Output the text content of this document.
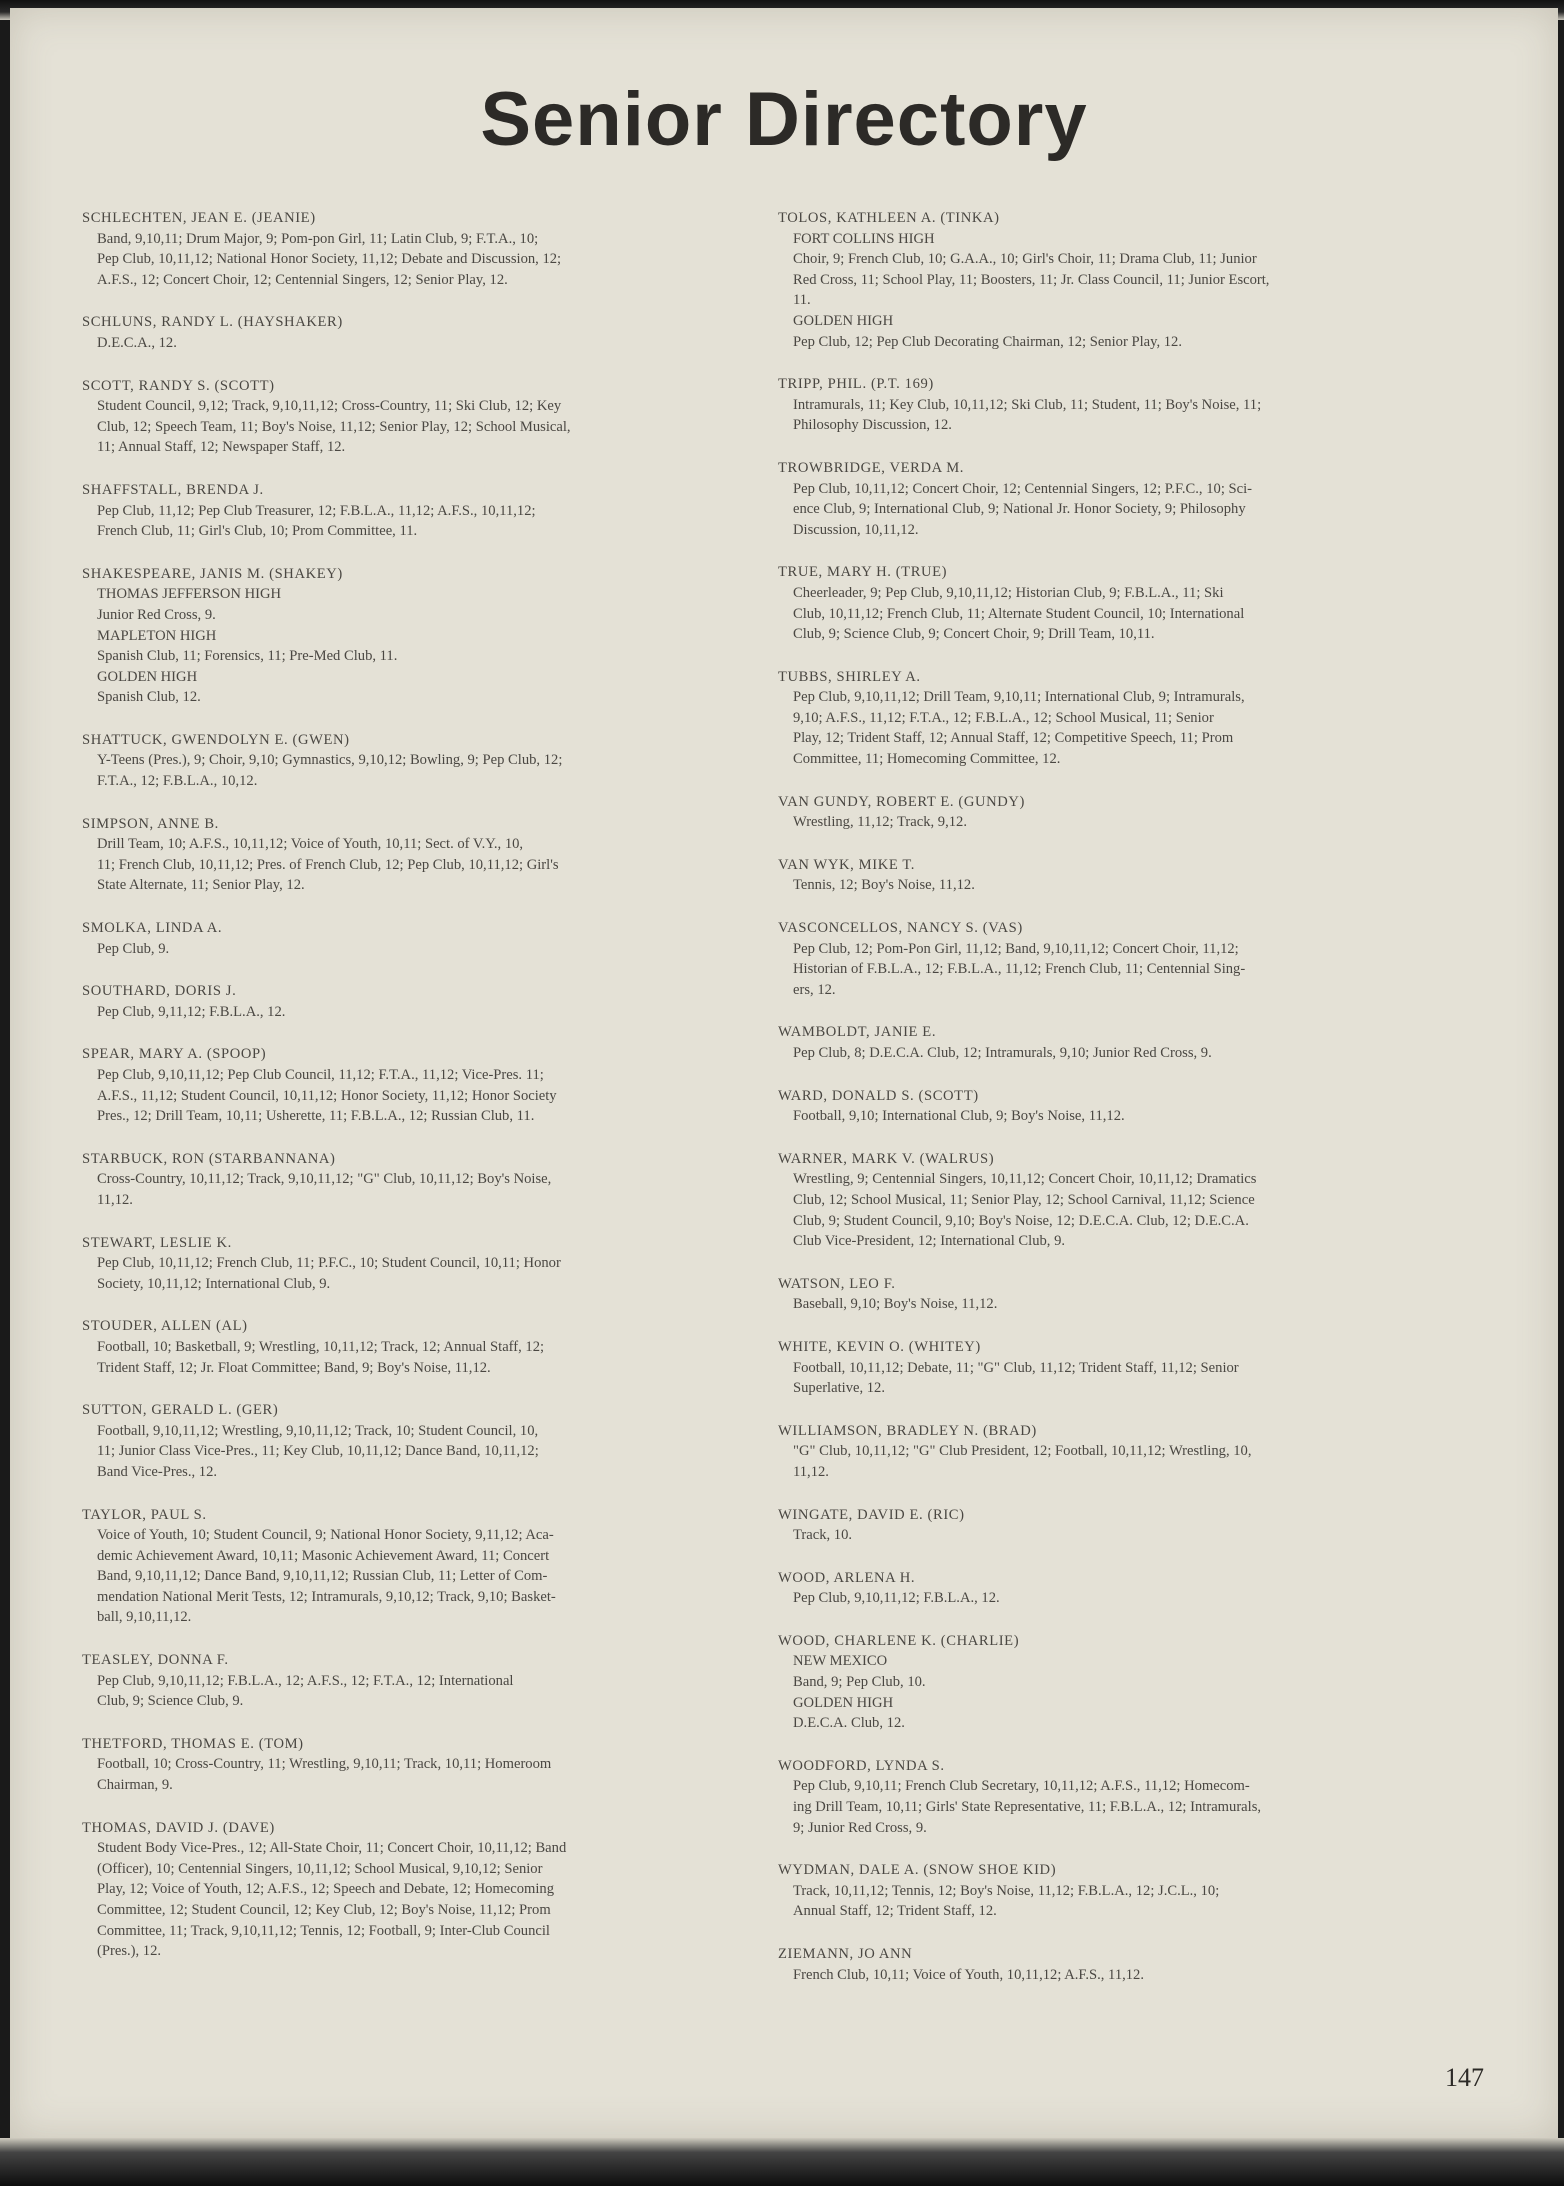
Senior Directory
SCHLECHTEN, JEAN E. (JEANIE)
Band, 9,10,11; Drum Major, 9; Pom-pon Girl, 11; Latin Club, 9; F.T.A., 10;
Pep Club, 10,11,12; National Honor Society, 11,12; Debate and Discussion, 12;
A.F.S., 12; Concert Choir, 12; Centennial Singers, 12; Senior Play, 12.
SCHLUNS, RANDY L. (HAYSHAKER)
D.E.C.A., 12.
SCOTT, RANDY S. (SCOTT)
Student Council, 9,12; Track, 9,10,11,12; Cross-Country, 11; Ski Club, 12; Key
Club, 12; Speech Team, 11; Boy's Noise, 11,12; Senior Play, 12; School Musical,
11; Annual Staff, 12; Newspaper Staff, 12.
SHAFFSTALL, BRENDA J.
Pep Club, 11,12; Pep Club Treasurer, 12; F.B.L.A., 11,12; A.F.S., 10,11,12;
French Club, 11; Girl's Club, 10; Prom Committee, 11.
SHAKESPEARE, JANIS M. (SHAKEY)
THOMAS JEFFERSON HIGH
Junior Red Cross, 9.
MAPLETON HIGH
Spanish Club, 11; Forensics, 11; Pre-Med Club, 11.
GOLDEN HIGH
Spanish Club, 12.
SHATTUCK, GWENDOLYN E. (GWEN)
Y-Teens (Pres.), 9; Choir, 9,10; Gymnastics, 9,10,12; Bowling, 9; Pep Club, 12;
F.T.A., 12; F.B.L.A., 10,12.
SIMPSON, ANNE B.
Drill Team, 10; A.F.S., 10,11,12; Voice of Youth, 10,11; Sect. of V.Y., 10,
11; French Club, 10,11,12; Pres. of French Club, 12; Pep Club, 10,11,12; Girl's
State Alternate, 11; Senior Play, 12.
SMOLKA, LINDA A.
Pep Club, 9.
SOUTHARD, DORIS J.
Pep Club, 9,11,12; F.B.L.A., 12.
SPEAR, MARY A. (SPOOP)
Pep Club, 9,10,11,12; Pep Club Council, 11,12; F.T.A., 11,12; Vice-Pres. 11;
A.F.S., 11,12; Student Council, 10,11,12; Honor Society, 11,12; Honor Society
Pres., 12; Drill Team, 10,11; Usherette, 11; F.B.L.A., 12; Russian Club, 11.
STARBUCK, RON (STARBANNANA)
Cross-Country, 10,11,12; Track, 9,10,11,12; "G" Club, 10,11,12; Boy's Noise,
11,12.
STEWART, LESLIE K.
Pep Club, 10,11,12; French Club, 11; P.F.C., 10; Student Council, 10,11; Honor
Society, 10,11,12; International Club, 9.
STOUDER, ALLEN (AL)
Football, 10; Basketball, 9; Wrestling, 10,11,12; Track, 12; Annual Staff, 12;
Trident Staff, 12; Jr. Float Committee; Band, 9; Boy's Noise, 11,12.
SUTTON, GERALD L. (GER)
Football, 9,10,11,12; Wrestling, 9,10,11,12; Track, 10; Student Council, 10,
11; Junior Class Vice-Pres., 11; Key Club, 10,11,12; Dance Band, 10,11,12;
Band Vice-Pres., 12.
TAYLOR, PAUL S.
Voice of Youth, 10; Student Council, 9; National Honor Society, 9,11,12; Aca-
demic Achievement Award, 10,11; Masonic Achievement Award, 11; Concert
Band, 9,10,11,12; Dance Band, 9,10,11,12; Russian Club, 11; Letter of Com-
mendation National Merit Tests, 12; Intramurals, 9,10,12; Track, 9,10; Basket-
ball, 9,10,11,12.
TEASLEY, DONNA F.
Pep Club, 9,10,11,12; F.B.L.A., 12; A.F.S., 12; F.T.A., 12; International
Club, 9; Science Club, 9.
THETFORD, THOMAS E. (TOM)
Football, 10; Cross-Country, 11; Wrestling, 9,10,11; Track, 10,11; Homeroom
Chairman, 9.
THOMAS, DAVID J. (DAVE)
Student Body Vice-Pres., 12; All-State Choir, 11; Concert Choir, 10,11,12; Band
(Officer), 10; Centennial Singers, 10,11,12; School Musical, 9,10,12; Senior
Play, 12; Voice of Youth, 12; A.F.S., 12; Speech and Debate, 12; Homecoming
Committee, 12; Student Council, 12; Key Club, 12; Boy's Noise, 11,12; Prom
Committee, 11; Track, 9,10,11,12; Tennis, 12; Football, 9; Inter-Club Council
(Pres.), 12.
TOLOS, KATHLEEN A. (TINKA)
FORT COLLINS HIGH
Choir, 9; French Club, 10; G.A.A., 10; Girl's Choir, 11; Drama Club, 11; Junior
Red Cross, 11; School Play, 11; Boosters, 11; Jr. Class Council, 11; Junior Escort,
11.
GOLDEN HIGH
Pep Club, 12; Pep Club Decorating Chairman, 12; Senior Play, 12.
TRIPP, PHIL. (P.T. 169)
Intramurals, 11; Key Club, 10,11,12; Ski Club, 11; Student, 11; Boy's Noise, 11;
Philosophy Discussion, 12.
TROWBRIDGE, VERDA M.
Pep Club, 10,11,12; Concert Choir, 12; Centennial Singers, 12; P.F.C., 10; Sci-
ence Club, 9; International Club, 9; National Jr. Honor Society, 9; Philosophy
Discussion, 10,11,12.
TRUE, MARY H. (TRUE)
Cheerleader, 9; Pep Club, 9,10,11,12; Historian Club, 9; F.B.L.A., 11; Ski
Club, 10,11,12; French Club, 11; Alternate Student Council, 10; International
Club, 9; Science Club, 9; Concert Choir, 9; Drill Team, 10,11.
TUBBS, SHIRLEY A.
Pep Club, 9,10,11,12; Drill Team, 9,10,11; International Club, 9; Intramurals,
9,10; A.F.S., 11,12; F.T.A., 12; F.B.L.A., 12; School Musical, 11; Senior
Play, 12; Trident Staff, 12; Annual Staff, 12; Competitive Speech, 11; Prom
Committee, 11; Homecoming Committee, 12.
VAN GUNDY, ROBERT E. (GUNDY)
Wrestling, 11,12; Track, 9,12.
VAN WYK, MIKE T.
Tennis, 12; Boy's Noise, 11,12.
VASCONCELLOS, NANCY S. (VAS)
Pep Club, 12; Pom-Pon Girl, 11,12; Band, 9,10,11,12; Concert Choir, 11,12;
Historian of F.B.L.A., 12; F.B.L.A., 11,12; French Club, 11; Centennial Sing-
ers, 12.
WAMBOLDT, JANIE E.
Pep Club, 8; D.E.C.A. Club, 12; Intramurals, 9,10; Junior Red Cross, 9.
WARD, DONALD S. (SCOTT)
Football, 9,10; International Club, 9; Boy's Noise, 11,12.
WARNER, MARK V. (WALRUS)
Wrestling, 9; Centennial Singers, 10,11,12; Concert Choir, 10,11,12; Dramatics
Club, 12; School Musical, 11; Senior Play, 12; School Carnival, 11,12; Science
Club, 9; Student Council, 9,10; Boy's Noise, 12; D.E.C.A. Club, 12; D.E.C.A.
Club Vice-President, 12; International Club, 9.
WATSON, LEO F.
Baseball, 9,10; Boy's Noise, 11,12.
WHITE, KEVIN O. (WHITEY)
Football, 10,11,12; Debate, 11; "G" Club, 11,12; Trident Staff, 11,12; Senior
Superlative, 12.
WILLIAMSON, BRADLEY N. (BRAD)
"G" Club, 10,11,12; "G" Club President, 12; Football, 10,11,12; Wrestling, 10,
11,12.
WINGATE, DAVID E. (RIC)
Track, 10.
WOOD, ARLENA H.
Pep Club, 9,10,11,12; F.B.L.A., 12.
WOOD, CHARLENE K. (CHARLIE)
NEW MEXICO
Band, 9; Pep Club, 10.
GOLDEN HIGH
D.E.C.A. Club, 12.
WOODFORD, LYNDA S.
Pep Club, 9,10,11; French Club Secretary, 10,11,12; A.F.S., 11,12; Homecom-
ing Drill Team, 10,11; Girls' State Representative, 11; F.B.L.A., 12; Intramurals,
9; Junior Red Cross, 9.
WYDMAN, DALE A. (SNOW SHOE KID)
Track, 10,11,12; Tennis, 12; Boy's Noise, 11,12; F.B.L.A., 12; J.C.L., 10;
Annual Staff, 12; Trident Staff, 12.
ZIEMANN, JO ANN
French Club, 10,11; Voice of Youth, 10,11,12; A.F.S., 11,12.
147
